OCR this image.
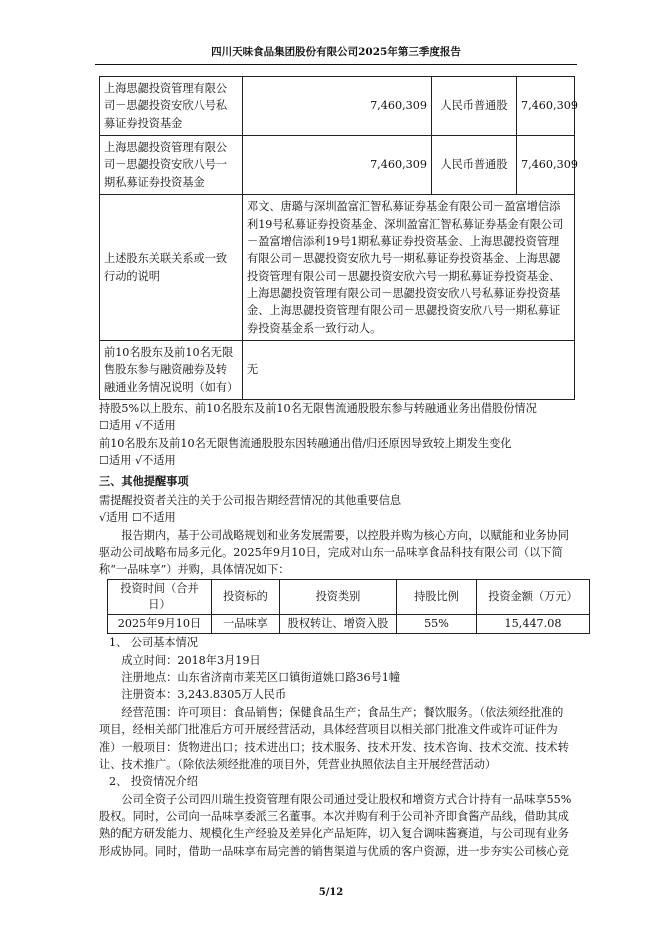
四川天味食品集团股份有限公司2025年第三季度报告
上海思勰投资管理有限公司－思勰投资安欣八号私募证券投资基金	7,460,309	人民币普通股	7,460,309
上海思勰投资管理有限公司－思勰投资安欣八号一期私募证券投资基金	7,460,309	人民币普通股	7,460,309
上述股东关联关系或一致行动的说明	邓文、唐璐与深圳盈富汇智私募证券基金有限公司－盈富增信添利19号私募证券投资基金、深圳盈富汇智私募证券基金有限公司－盈富增信添利19号1期私募证券投资基金、上海思勰投资管理有限公司－思勰投资安欣九号一期私募证券投资基金、上海思勰投资管理有限公司－思勰投资安欣六号一期私募证券投资基金、上海思勰投资管理有限公司－思勰投资安欣八号私募证券投资基金、上海思勰投资管理有限公司－思勰投资安欣八号一期私募证券投资基金系一致行动人。		
前10名股东及前10名无限售股东参与融资融券及转融通业务情况说明（如有）	无		

持股5%以上股东、前10名股东及前10名无限售流通股股东参与转融通业务出借股份情况

☐适用 √不适用

前10名股东及前10名无限售流通股股东因转融通出借/归还原因导致较上期发生变化

☐适用 √不适用

三、其他提醒事项

需提醒投资者关注的关于公司报告期经营情况的其他重要信息

√适用 ☐不适用

报告期内，基于公司战略规划和业务发展需要，以控股并购为核心方向，以赋能和业务协同驱动公司战略布局多元化。2025年9月10日，完成对山东一品味享食品科技有限公司（以下简称“一品味享”）并购，具体情况如下：

投资时间（合并日）	投资标的	投资类别	持股比例	投资金额（万元）
2025年9月10日	一品味享	股权转让、增资入股	55%	15,447.08

1、 公司基本情况

成立时间：2018年3月19日

注册地点：山东省济南市莱芜区口镇街道姚口路36号1幢

注册资本：3,243.8305万人民币

经营范围：许可项目：食品销售；保健食品生产；食品生产；餐饮服务。（依法须经批准的项目，经相关部门批准后方可开展经营活动，具体经营项目以相关部门批准文件或许可证件为准）一般项目：货物进出口；技术进出口；技术服务、技术开发、技术咨询、技术交流、技术转让、技术推广。（除依法须经批准的项目外，凭营业执照依法自主开展经营活动）

2、 投资情况介绍

公司全资子公司四川瑞生投资管理有限公司通过受让股权和增资方式合计持有一品味享55%股权。同时，公司向一品味享委派三名董事。本次并购有利于公司补齐即食酱产品线，借助其成熟的配方研发能力、规模化生产经验及差异化产品矩阵，切入复合调味酱赛道，与公司现有业务形成协同。同时，借助一品味享布局完善的销售渠道与优质的客户资源，进一步夯实公司核心竞

5/12
